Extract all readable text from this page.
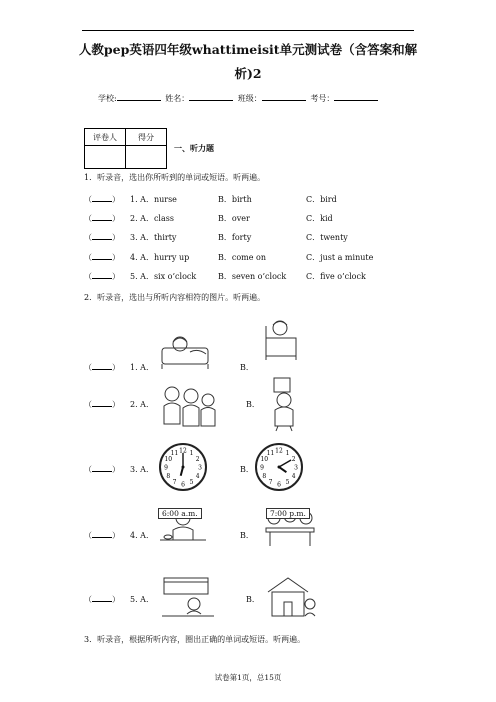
人教pep英语四年级whattimeisit单元测试卷（含答案和解
析)2
学校:	姓名：	班级：	考号：
评卷人	得分

一、听力题
1．听录音，选出你所听到的单词或短语。听两遍。
（	） 1. A．nurse	B．birth	C．bird
（	） 2. A．class	B．over	C．kid
（	） 3. A．thirty	B．forty	C．twenty
（	） 4. A．hurry up	B．come on	C．just a minute
（	） 5. A．six o’clock	B．seven o’clock C．five o’clock
2．听录音，选出与所听内容相符的图片。听两遍。
（	） 1. A．	B．
（	） 2. A．	B．
（	） 3. A．	B．
12 1
2
3
4
5
6
7
8
9
10
11	12 1
2
3
4
5
6
7
8
9
10
11
（	） 4. A．	B．
6:00 a.m.	7:00 p.m.
（	） 5. A．	B．
3．听录音，根据所听内容，圈出正确的单词或短语。听两遍。
试卷第1页，总15页
